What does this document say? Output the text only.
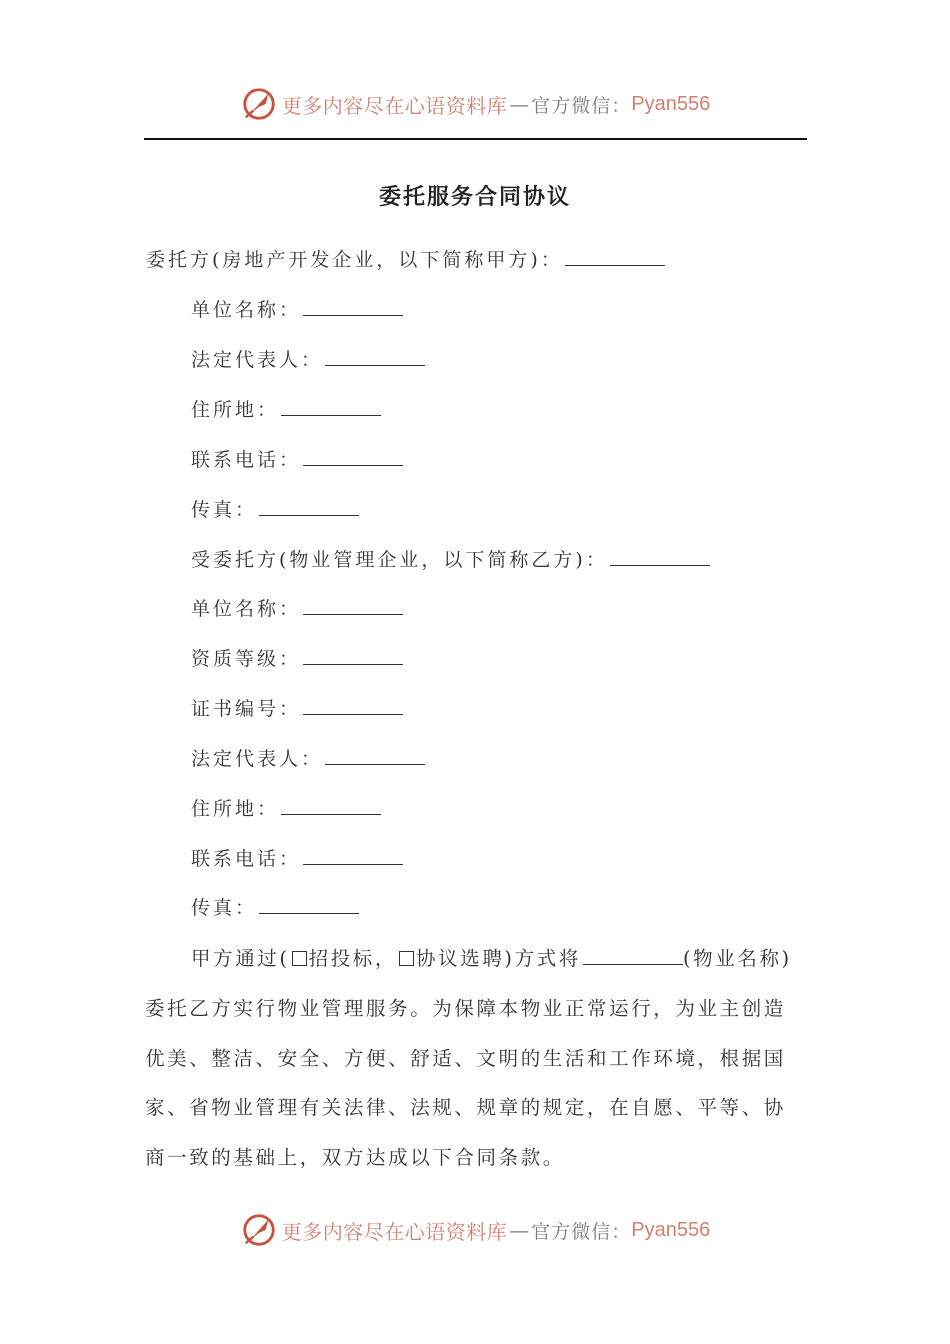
更多内容尽在心语资料库 — 官方微信： Pyan556
委托服务合同协议
委托方(房地产开发企业，以下简称甲方)：
单位名称：
法定代表人：
住所地：
联系电话：
传真：
受委托方(物业管理企业，以下简称乙方)：
单位名称：
资质等级：
证书编号：
法定代表人：
住所地：
联系电话：
传真：
甲方通过( 招投标， 协议选聘)方式将	(物业名称)
委托乙方实行物业管理服务。为保障本物业正常运行，为业主创造
优美、整洁、安全、方便、舒适、文明的生活和工作环境，根据国
家、省物业管理有关法律、法规、规章的规定，在自愿、平等、协
商一致的基础上，双方达成以下合同条款。
更多内容尽在心语资料库 — 官方微信： Pyan556
